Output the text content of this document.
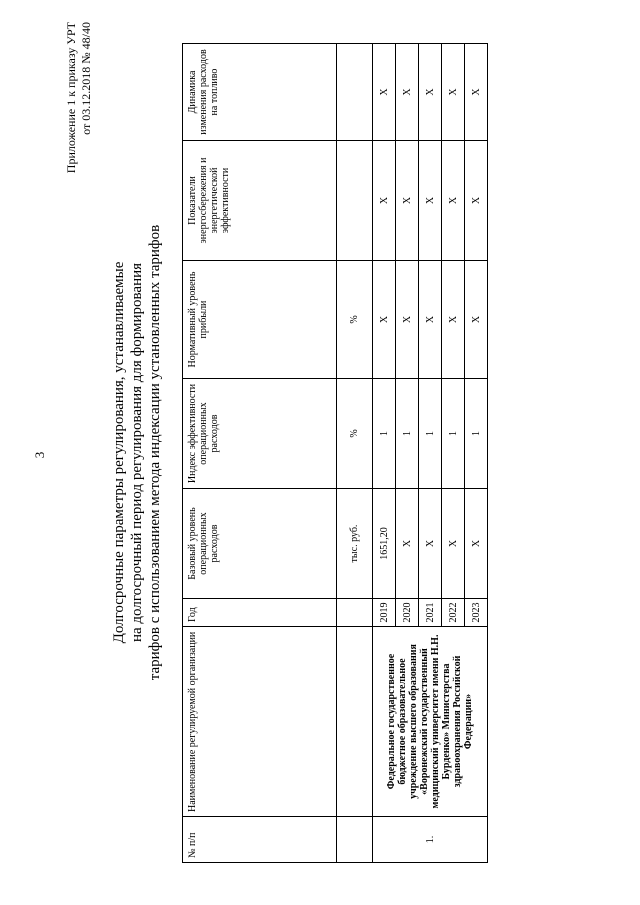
3
Приложение 1 к приказу УРТ от 03.12.2018 № 48/40
Долгосрочные параметры регулирования, устанавливаемые на долгосрочный период регулирования для формирования тарифов с использованием метода индексации установленных тарифов
№ п/п	Наименование регулируемой организации	Год	Базовый уровень операционных расходов	Индекс эффективности операционных расходов	Нормативный уровень прибыли	Показатели энергосбережения и энергетической эффективности	Динамика изменения расходов на топливо
			тыс. руб.	%	%		
1.	Федеральное государственное бюджетное образовательное учреждение высшего образования «Воронежский государственный медицинский университет имени Н.Н. Бурденко» Министерства здравоохранения Российской Федерации»	2019	1651,20	1	X	X	X
		2020	X	1	X	X	X
		2021	X	1	X	X	X
		2022	X	1	X	X	X
		2023	X	1	X	X	X
